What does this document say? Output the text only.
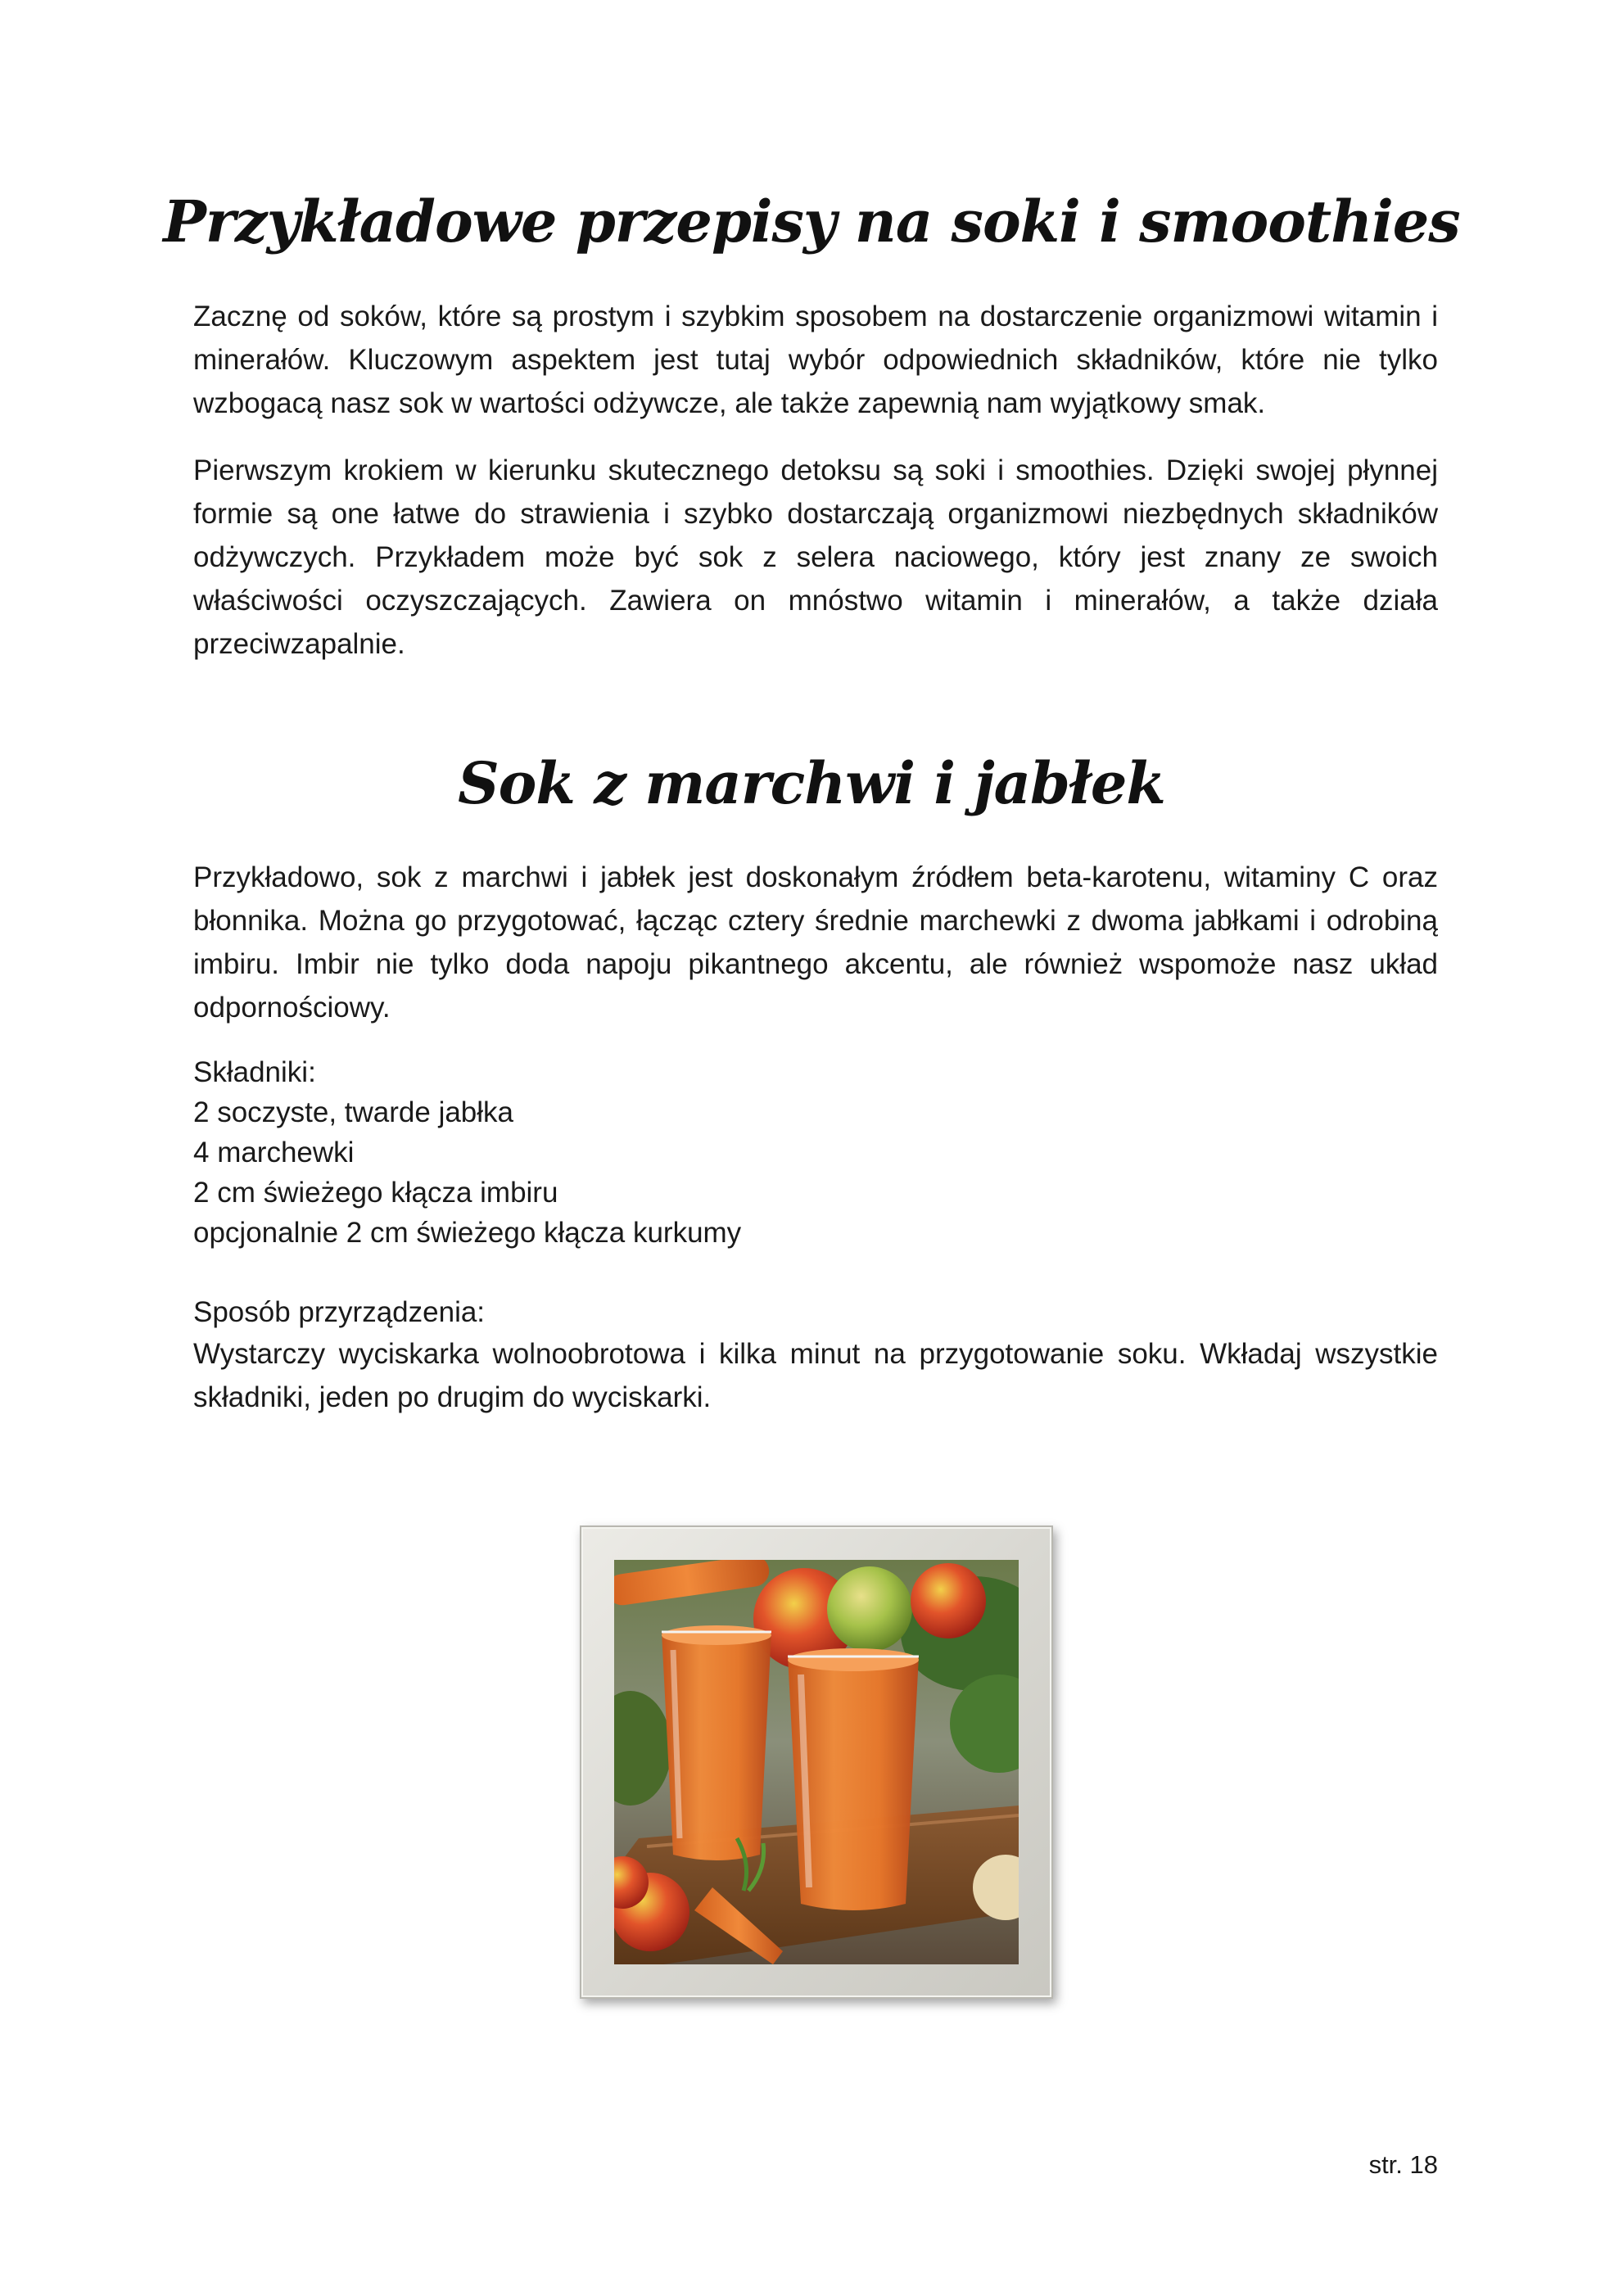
Przykładowe przepisy na soki i smoothies

Zacznę od soków, które są prostym i szybkim sposobem na dostarczenie organizmowi witamin i minerałów. Kluczowym aspektem jest tutaj wybór odpowiednich składników, które nie tylko wzbogacą nasz sok w wartości odżywcze, ale także zapewnią nam wyjątkowy smak.

Pierwszym krokiem w kierunku skutecznego detoksu są soki i smoothies. Dzięki swojej płynnej formie są one łatwe do strawienia i szybko dostarczają organizmowi niezbędnych składników odżywczych. Przykładem może być sok z selera naciowego, który jest znany ze swoich właściwości oczyszczających. Zawiera on mnóstwo witamin i minerałów, a także działa przeciwzapalnie.

Sok z marchwi i jabłek

Przykładowo, sok z marchwi i jabłek jest doskonałym źródłem beta-karotenu, witaminy C oraz błonnika. Można go przygotować, łącząc cztery średnie marchewki z dwoma jabłkami i odrobiną imbiru. Imbir nie tylko doda napoju pikantnego akcentu, ale również wspomoże nasz układ odpornościowy.

Składniki:
2 soczyste, twarde jabłka
4 marchewki
2 cm świeżego kłącza imbiru
opcjonalnie 2 cm świeżego kłącza kurkumy
Sposób przyrządzenia:

Wystarczy wyciskarka wolnoobrotowa i kilka minut na przygotowanie soku. Wkładaj wszystkie składniki, jeden po drugim do wyciskarki.

str. 18
